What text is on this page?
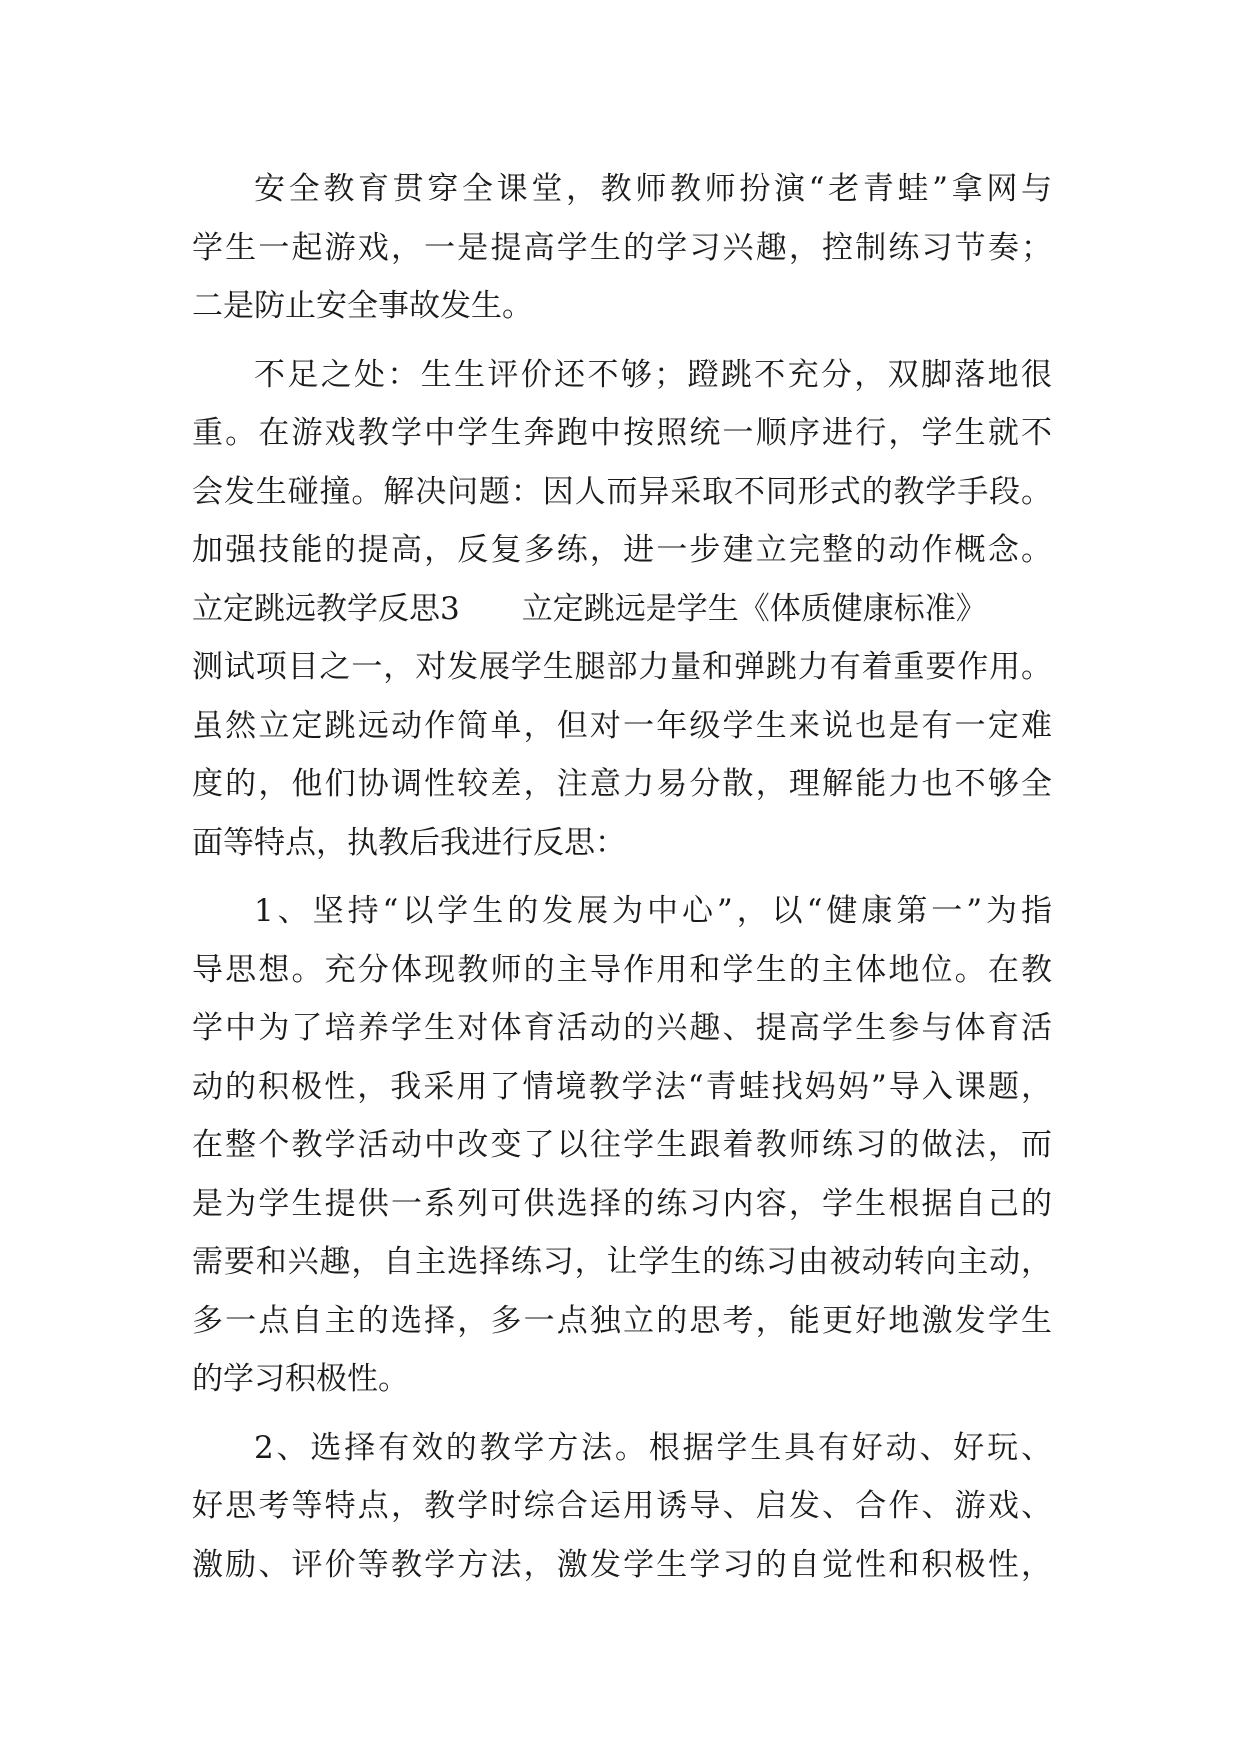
安全教育贯穿全课堂，教师教师扮演“老青蛙”拿网与
学生一起游戏，一是提高学生的学习兴趣，控制练习节奏；
二是防止安全事故发生。
不足之处：生生评价还不够；蹬跳不充分，双脚落地很
重。在游戏教学中学生奔跑中按照统一顺序进行，学生就不
会发生碰撞。解决问题：因人而异采取不同形式的教学手段。
加强技能的提高，反复多练，进一步建立完整的动作概念。
立定跳远教学反思3　　立定跳远是学生《体质健康标准》
测试项目之一，对发展学生腿部力量和弹跳力有着重要作用。
虽然立定跳远动作简单，但对一年级学生来说也是有一定难
度的，他们协调性较差，注意力易分散，理解能力也不够全
面等特点，执教后我进行反思：
1、坚持“以学生的发展为中心”，以“健康第一”为指
导思想。充分体现教师的主导作用和学生的主体地位。在教
学中为了培养学生对体育活动的兴趣、提高学生参与体育活
动的积极性，我采用了情境教学法“青蛙找妈妈”导入课题，
在整个教学活动中改变了以往学生跟着教师练习的做法，而
是为学生提供一系列可供选择的练习内容，学生根据自己的
需要和兴趣，自主选择练习，让学生的练习由被动转向主动，
多一点自主的选择，多一点独立的思考，能更好地激发学生
的学习积极性。
2、选择有效的教学方法。根据学生具有好动、好玩、
好思考等特点，教学时综合运用诱导、启发、合作、游戏、
激励、评价等教学方法，激发学生学习的自觉性和积极性，
